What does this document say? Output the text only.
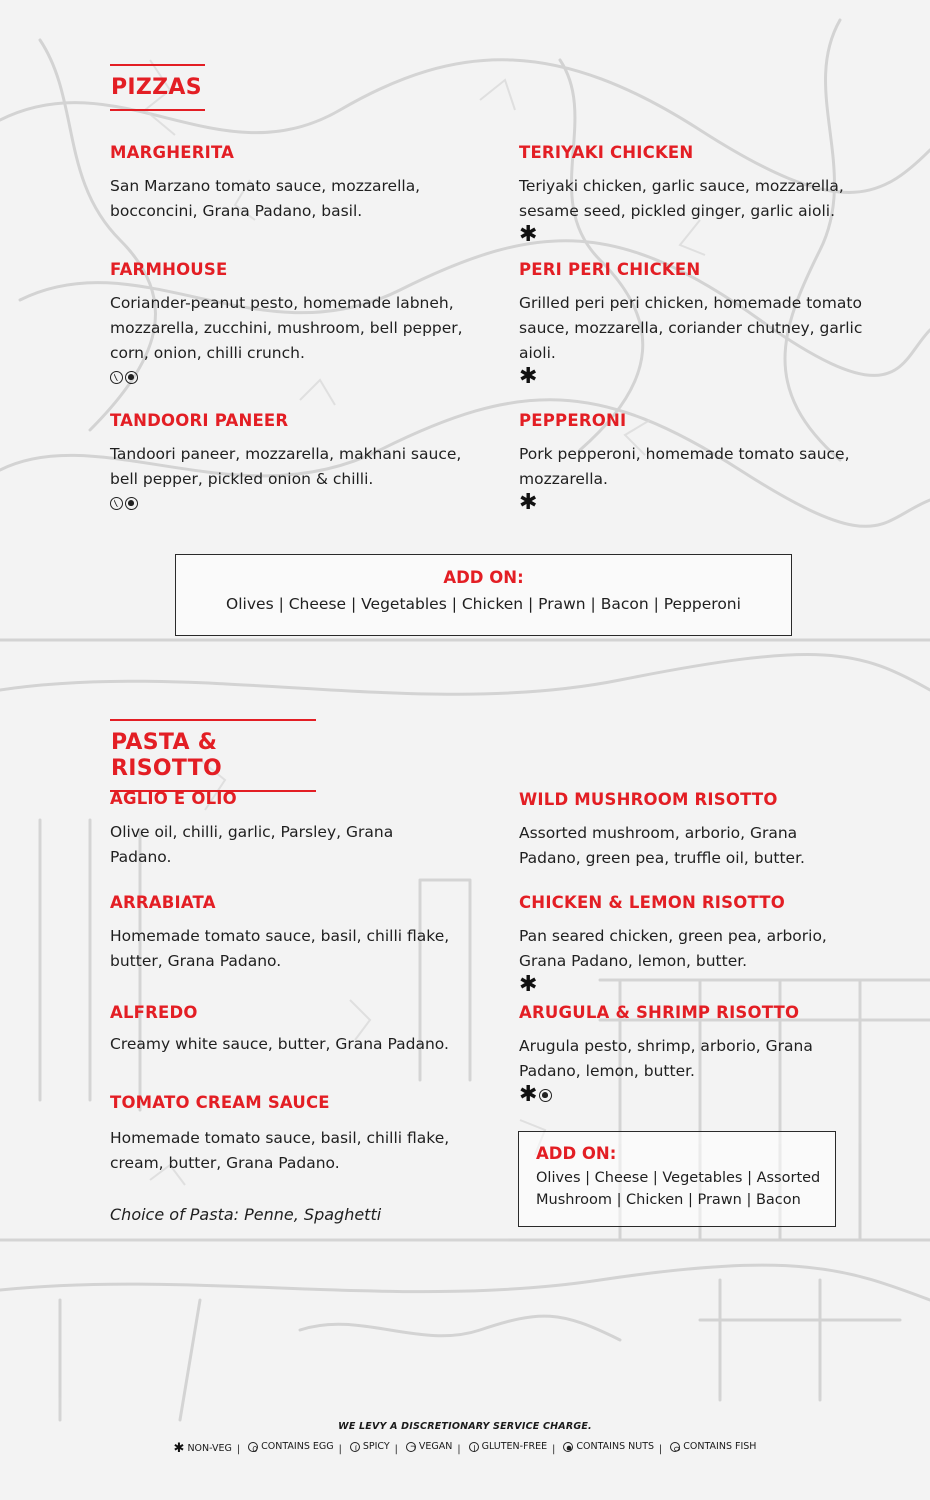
PIZZAS
MARGHERITA

San Marzano tomato sauce, mozzarella, bocconcini, Grana Padano, basil.

FARMHOUSE

Coriander-peanut pesto, homemade labneh, mozzarella, zucchini, mushroom, bell pepper, corn, onion, chilli crunch.

TANDOORI PANEER

Tandoori paneer, mozzarella, makhani sauce, bell pepper, pickled onion & chilli.

TERIYAKI CHICKEN

Teriyaki chicken, garlic sauce, mozzarella, sesame seed, pickled ginger, garlic aioli.

✱
PERI PERI CHICKEN

Grilled peri peri chicken, homemade tomato sauce, mozzarella, coriander chutney, garlic aioli.

✱
PEPPERONI

Pork pepperoni, homemade tomato sauce, mozzarella.

✱
ADD ON:
Olives | Cheese | Vegetables | Chicken | Prawn | Bacon | Pepperoni
PASTA & RISOTTO
AGLIO E OLIO

Olive oil, chilli, garlic, Parsley, Grana Padano.

ARRABIATA

Homemade tomato sauce, basil, chilli flake, butter, Grana Padano.

ALFREDO

Creamy white sauce, butter, Grana Padano.

TOMATO CREAM SAUCE

Homemade tomato sauce, basil, chilli flake, cream, butter, Grana Padano.

Choice of Pasta: Penne, Spaghetti
WILD MUSHROOM RISOTTO

Assorted mushroom, arborio, Grana Padano, green pea, truffle oil, butter.

CHICKEN & LEMON RISOTTO

Pan seared chicken, green pea, arborio, Grana Padano, lemon, butter.

✱
ARUGULA & SHRIMP RISOTTO

Arugula pesto, shrimp, arborio, Grana Padano, lemon, butter.

✱
ADD ON:
Olives | Cheese | Vegetables | Assorted Mushroom | Chicken | Prawn | Bacon
WE LEVY A DISCRETIONARY SERVICE CHARGE.
✱ NON-VEG | CONTAINS EGG | SPICY | VEGAN | GLUTEN-FREE | CONTAINS NUTS | CONTAINS FISH
